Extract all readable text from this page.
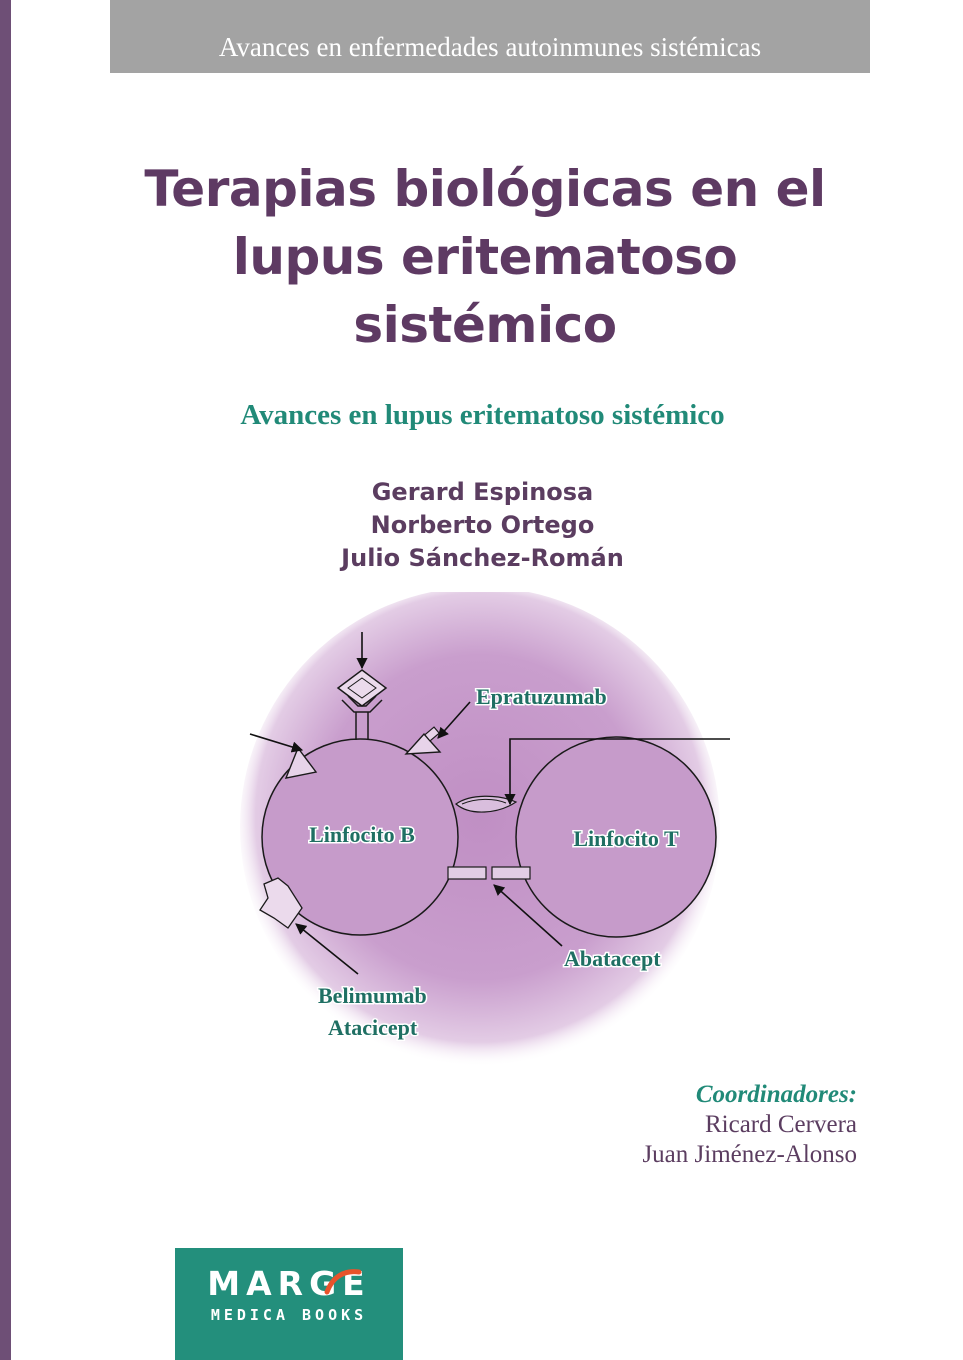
Avances en enfermedades autoinmunes sistémicas
Terapias biológicas en el
lupus eritematoso
sistémico
Avances en lupus eritematoso sistémico
Gerard Espinosa
Norberto Ortego
Julio Sánchez-Román
Linfocito B	Linfocito T
Epratuzumab
Abatacept
Belimumab
Atacicept
Coordinadores:
Ricard Cervera
Juan Jiménez-Alonso
MARGE
MEDICA BOOKS
